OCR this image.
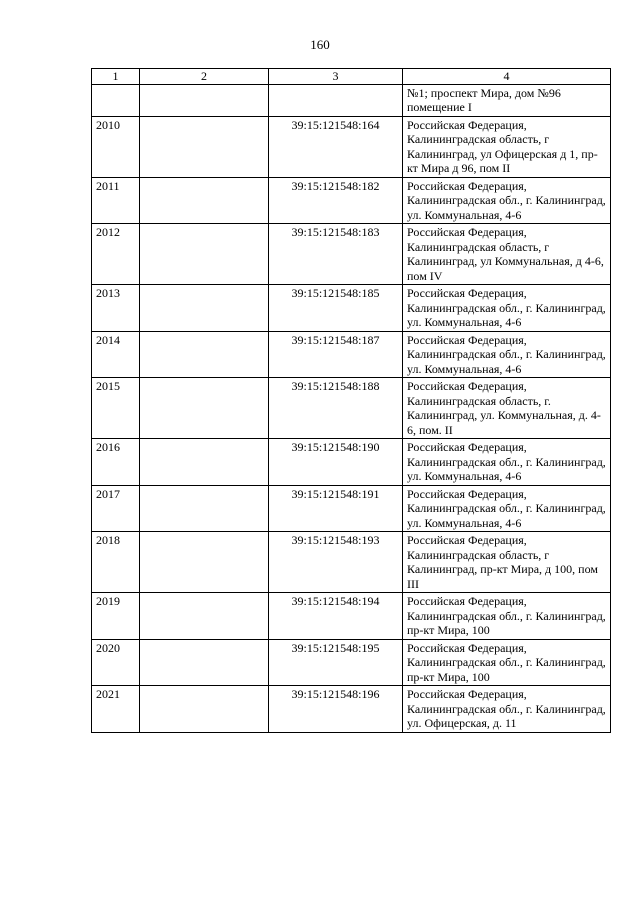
160
1	2	3	4
			№1; проспект Мира, дом №96 помещение I
2010		39:15:121548:164	Российская Федерация, Калининградская область, г Калининград, ул Офицерская д 1, пр-кт Мира д 96, пом II
2011		39:15:121548:182	Российская Федерация, Калининградская обл., г. Калининград, ул. Коммунальная, 4-6
2012		39:15:121548:183	Российская Федерация, Калининградская область, г Калининград, ул Коммунальная, д 4-6, пом IV
2013		39:15:121548:185	Российская Федерация, Калининградская обл., г. Калининград, ул. Коммунальная, 4-6
2014		39:15:121548:187	Российская Федерация, Калининградская обл., г. Калининград, ул. Коммунальная, 4-6
2015		39:15:121548:188	Российская Федерация, Калининградская область, г. Калининград, ул. Коммунальная, д. 4-6, пом. II
2016		39:15:121548:190	Российская Федерация, Калининградская обл., г. Калининград, ул. Коммунальная, 4-6
2017		39:15:121548:191	Российская Федерация, Калининградская обл., г. Калининград, ул. Коммунальная, 4-6
2018		39:15:121548:193	Российская Федерация, Калининградская область, г Калининград, пр-кт Мира, д 100, пом III
2019		39:15:121548:194	Российская Федерация, Калининградская обл., г. Калининград, пр-кт Мира, 100
2020		39:15:121548:195	Российская Федерация, Калининградская обл., г. Калининград, пр-кт Мира, 100
2021		39:15:121548:196	Российская Федерация, Калининградская обл., г. Калининград, ул. Офицерская, д. 11
